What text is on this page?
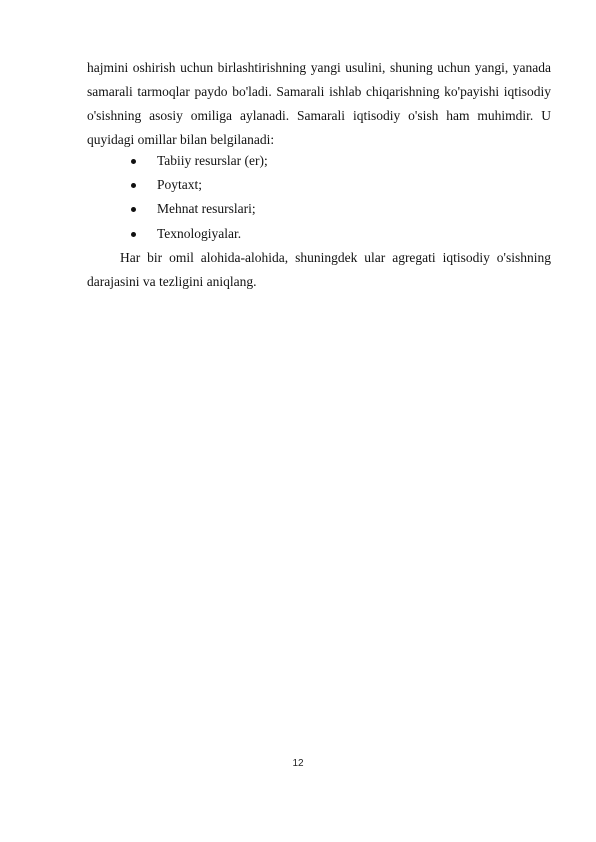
hajmini oshirish uchun birlashtirishning yangi usulini, shuning uchun yangi, yanada samarali tarmoqlar paydo bo'ladi. Samarali ishlab chiqarishning ko'payishi iqtisodiy o'sishning asosiy omiliga aylanadi. Samarali iqtisodiy o'sish ham muhimdir. U quyidagi omillar bilan belgilanadi:

Tabiiy resurslar (er);
Poytaxt;
Mehnat resurslari;
Texnologiyalar.

Har bir omil alohida-alohida, shuningdek ular agregati iqtisodiy o'sishning darajasini va tezligini aniqlang.

12
